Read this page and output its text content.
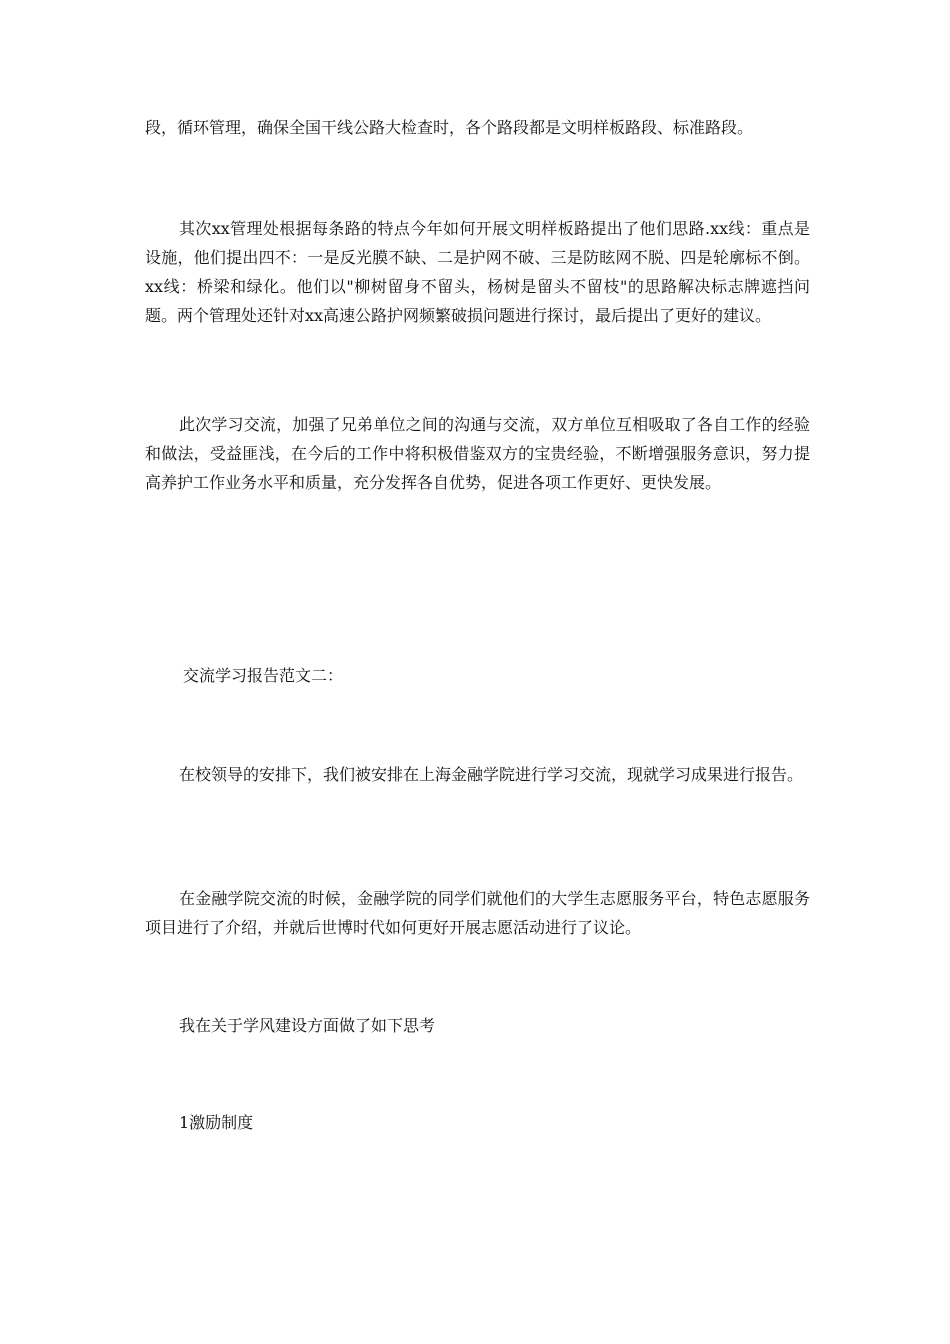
段，循环管理，确保全国干线公路大检查时，各个路段都是文明样板路段、标准路段。

其次xx管理处根据每条路的特点今年如何开展文明样板路提出了他们思路.xx线：重点是设施，他们提出四不：一是反光膜不缺、二是护网不破、三是防眩网不脱、四是轮廓标不倒。xx线：桥梁和绿化。他们以"柳树留身不留头，杨树是留头不留枝"的思路解决标志牌遮挡问题。两个管理处还针对xx高速公路护网频繁破损问题进行探讨，最后提出了更好的建议。

此次学习交流，加强了兄弟单位之间的沟通与交流，双方单位互相吸取了各自工作的经验和做法，受益匪浅，在今后的工作中将积极借鉴双方的宝贵经验，不断增强服务意识，努力提高养护工作业务水平和质量，充分发挥各自优势，促进各项工作更好、更快发展。

交流学习报告范文二：

在校领导的安排下，我们被安排在上海金融学院进行学习交流，现就学习成果进行报告。

在金融学院交流的时候，金融学院的同学们就他们的大学生志愿服务平台，特色志愿服务项目进行了介绍，并就后世博时代如何更好开展志愿活动进行了议论。

我在关于学风建设方面做了如下思考

1激励制度
